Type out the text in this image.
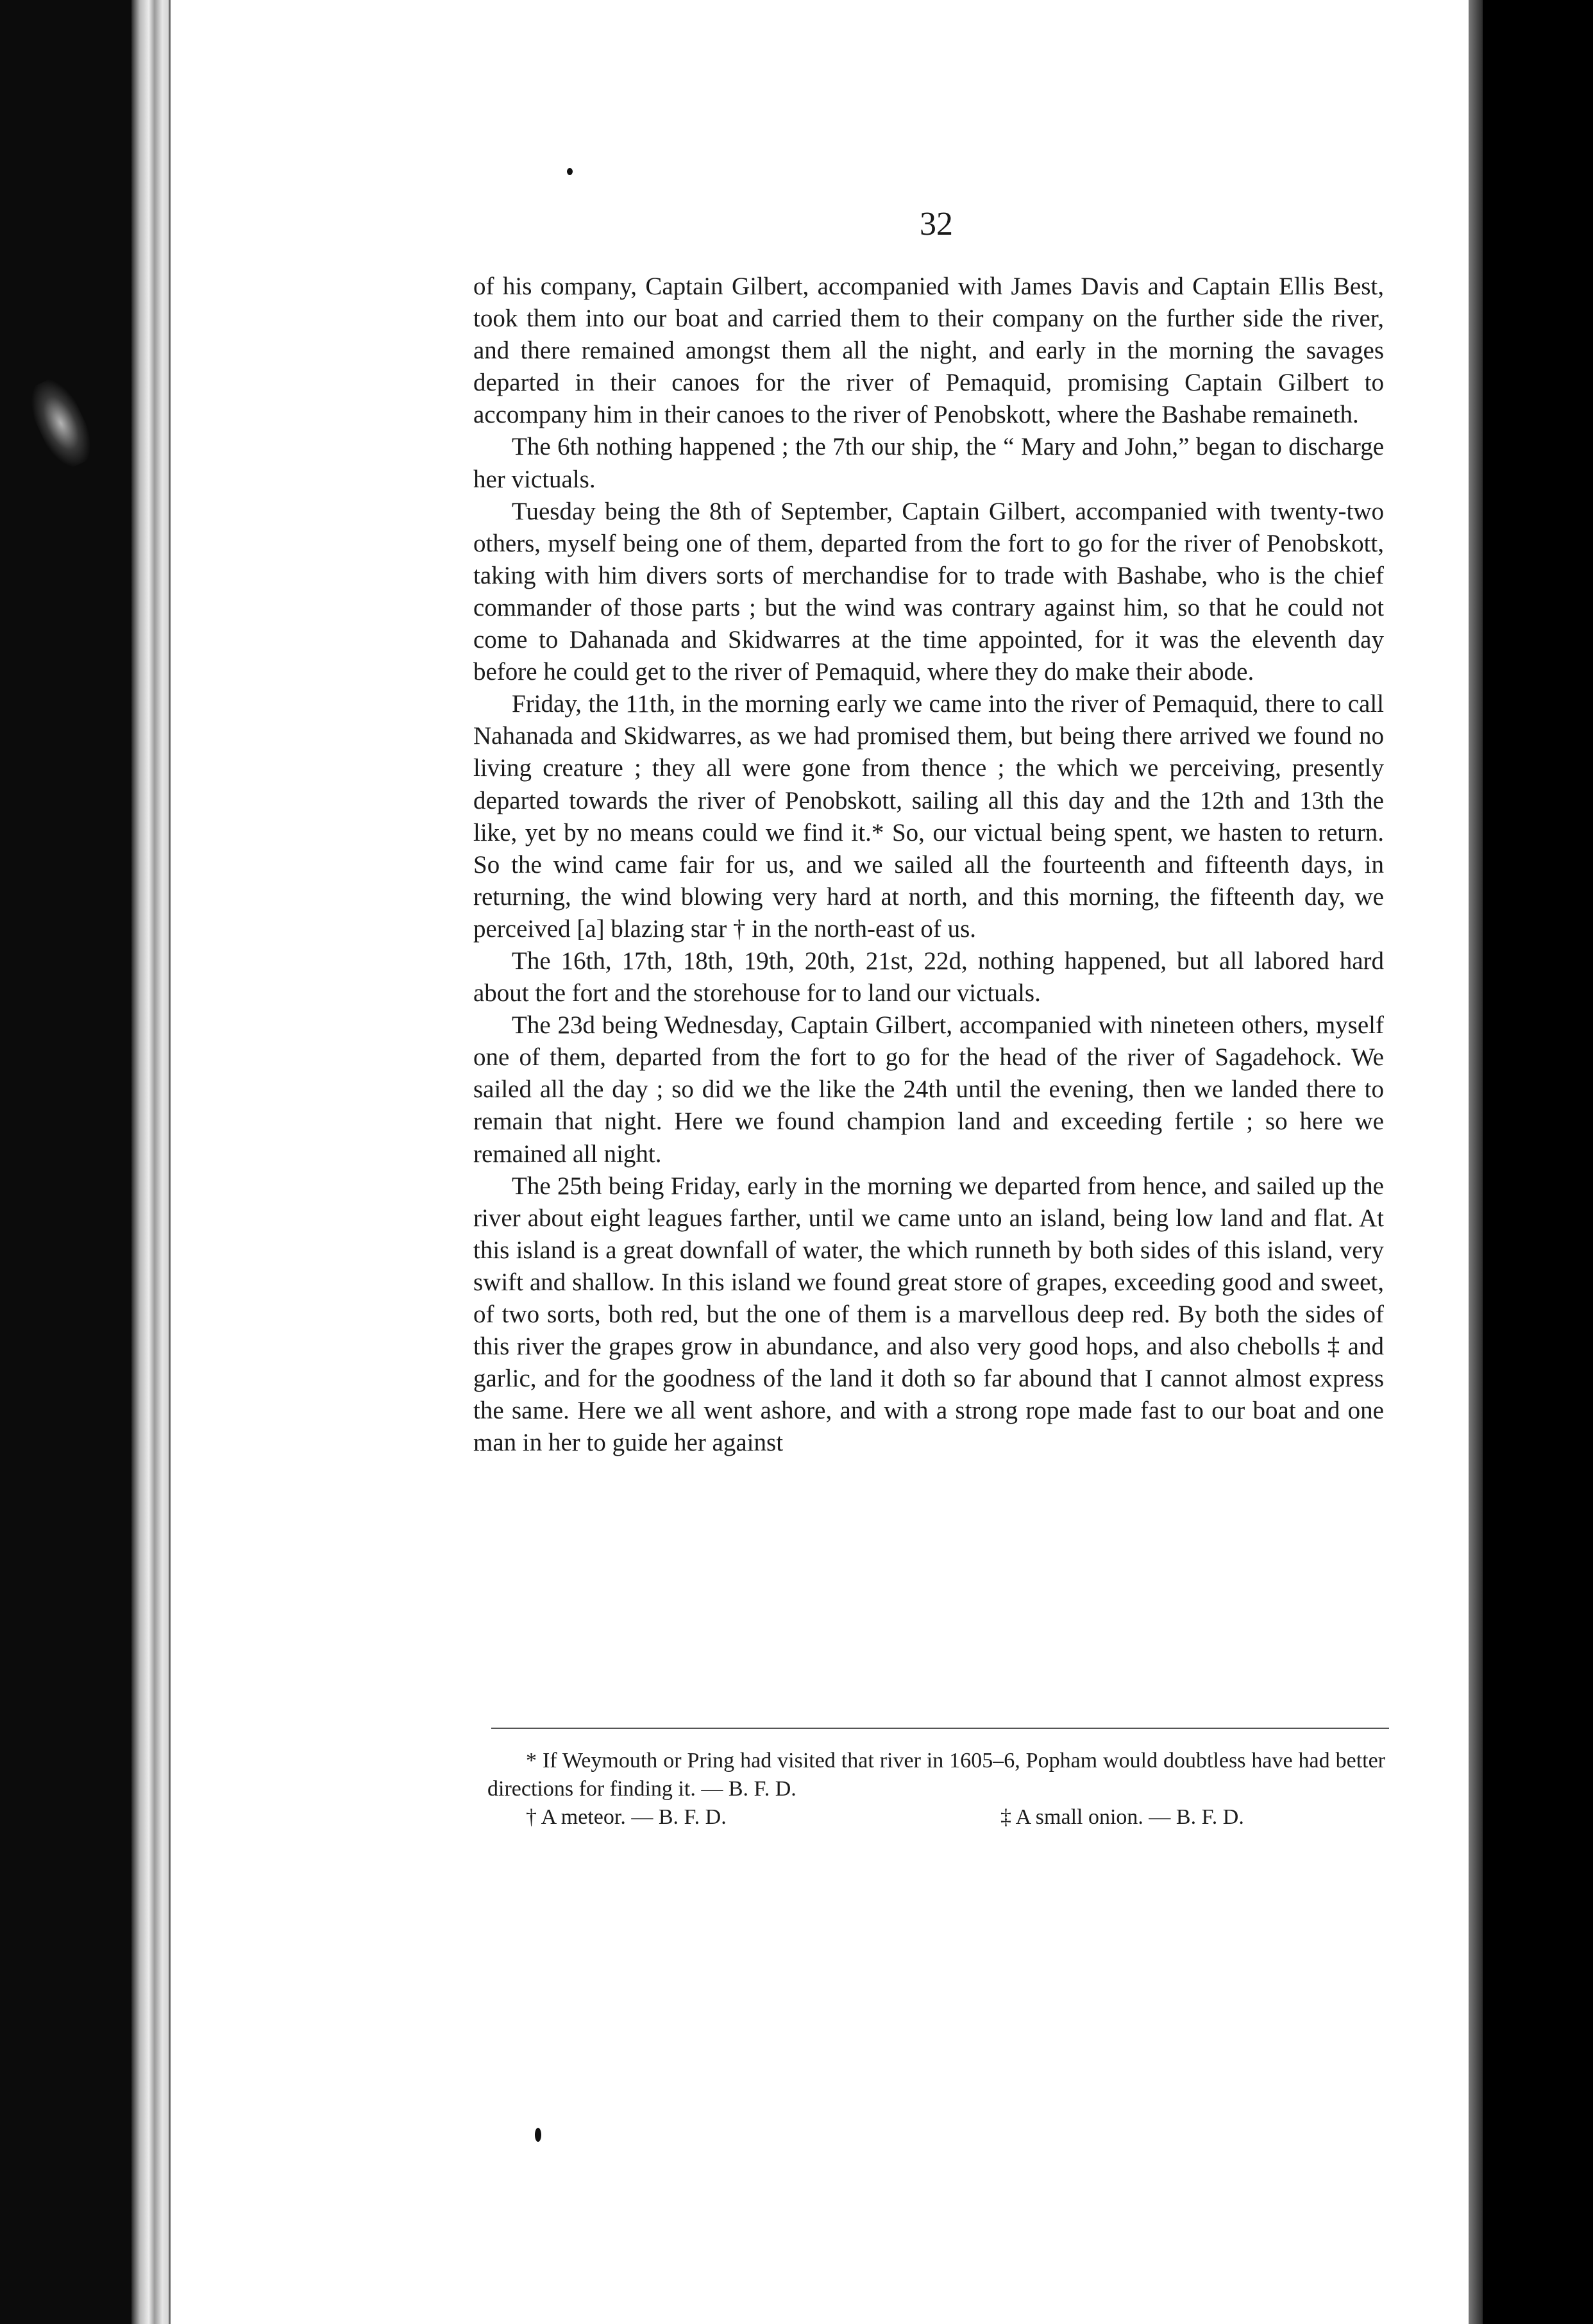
32

of his company, Captain Gilbert, accompanied with James Davis and Captain Ellis Best, took them into our boat and carried them to their company on the further side the river, and there remained amongst them all the night, and early in the morning the savages departed in their canoes for the river of Pemaquid, promising Captain Gilbert to accompany him in their canoes to the river of Penobskott, where the Bashabe remaineth.

The 6th nothing happened ; the 7th our ship, the “ Mary and John,” began to discharge her victuals.

Tuesday being the 8th of September, Captain Gilbert, accompanied with twenty-two others, myself being one of them, departed from the fort to go for the river of Penobskott, taking with him divers sorts of merchandise for to trade with Bashabe, who is the chief commander of those parts ; but the wind was contrary against him, so that he could not come to Dahanada and Skidwarres at the time appointed, for it was the eleventh day before he could get to the river of Pemaquid, where they do make their abode.

Friday, the 11th, in the morning early we came into the river of Pemaquid, there to call Nahanada and Skidwarres, as we had promised them, but being there arrived we found no living creature ; they all were gone from thence ; the which we perceiving, presently departed towards the river of Penobskott, sailing all this day and the 12th and 13th the like, yet by no means could we find it.* So, our victual being spent, we hasten to return. So the wind came fair for us, and we sailed all the fourteenth and fifteenth days, in returning, the wind blowing very hard at north, and this morning, the fifteenth day, we perceived [a] blazing star † in the north-east of us.

The 16th, 17th, 18th, 19th, 20th, 21st, 22d, nothing happened, but all labored hard about the fort and the storehouse for to land our victuals.

The 23d being Wednesday, Captain Gilbert, accompanied with nineteen others, myself one of them, departed from the fort to go for the head of the river of Sagadehock. We sailed all the day ; so did we the like the 24th until the evening, then we landed there to remain that night. Here we found champion land and exceeding fertile ; so here we remained all night.

The 25th being Friday, early in the morning we departed from hence, and sailed up the river about eight leagues farther, until we came unto an island, being low land and flat. At this island is a great downfall of water, the which runneth by both sides of this island, very swift and shallow. In this island we found great store of grapes, exceeding good and sweet, of two sorts, both red, but the one of them is a marvellous deep red. By both the sides of this river the grapes grow in abundance, and also very good hops, and also chebolls ‡ and garlic, and for the goodness of the land it doth so far abound that I cannot almost express the same. Here we all went ashore, and with a strong rope made fast to our boat and one man in her to guide her against

* If Weymouth or Pring had visited that river in 1605–6, Popham would doubtless have had better directions for finding it. — B. F. D.

† A meteor. — B. F. D.	‡ A small onion. — B. F. D.
